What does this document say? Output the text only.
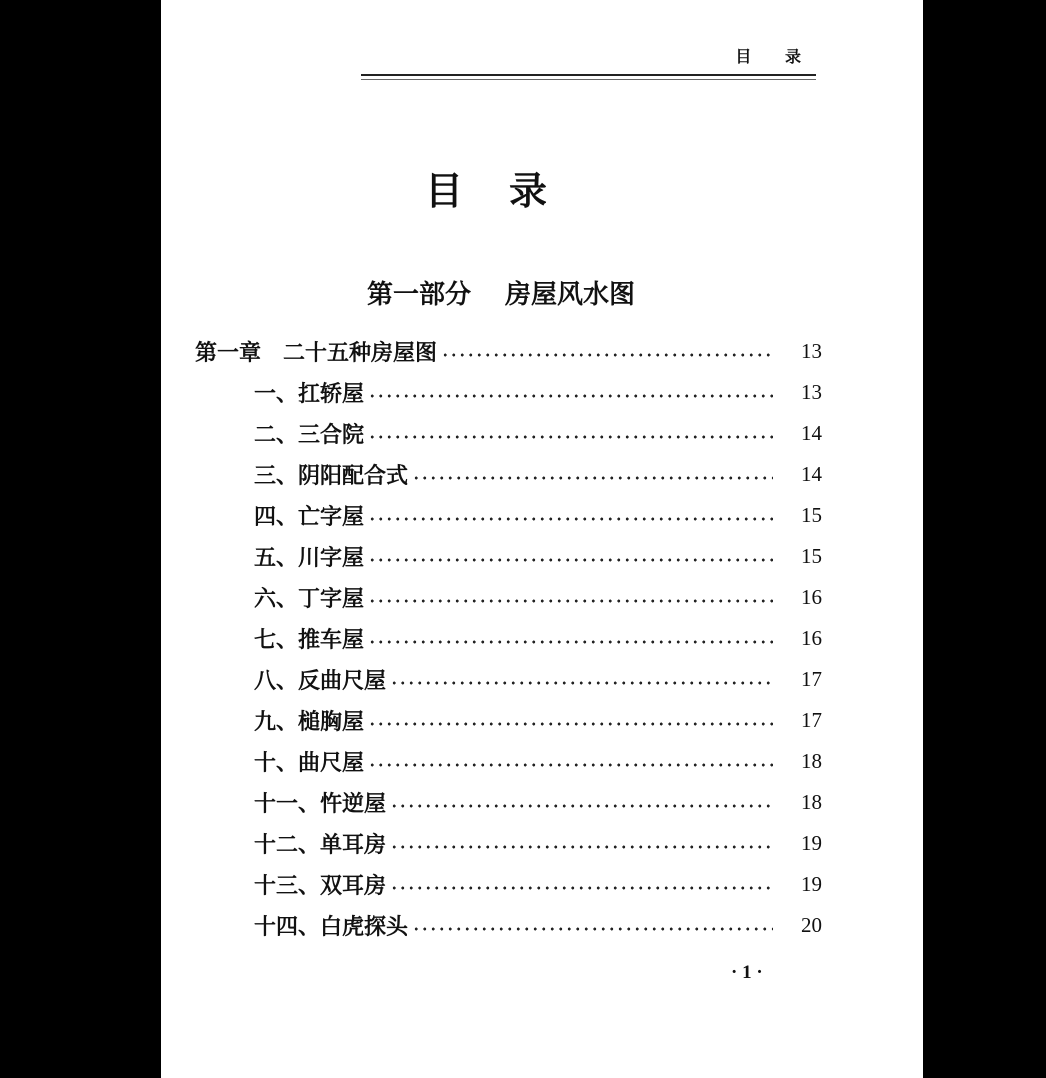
目 录
目录
第一部分 房屋风水图
第一章　二十五种房屋图	13
一、扛轿屋	13
二、三合院	14
三、阴阳配合式	14
四、亡字屋	15
五、川字屋	15
六、丁字屋	16
七、推车屋	16
八、反曲尺屋	17
九、槌胸屋	17
十、曲尺屋	18
十一、忤逆屋	18
十二、单耳房	19
十三、双耳房	19
十四、白虎探头	20
· 1 ·
